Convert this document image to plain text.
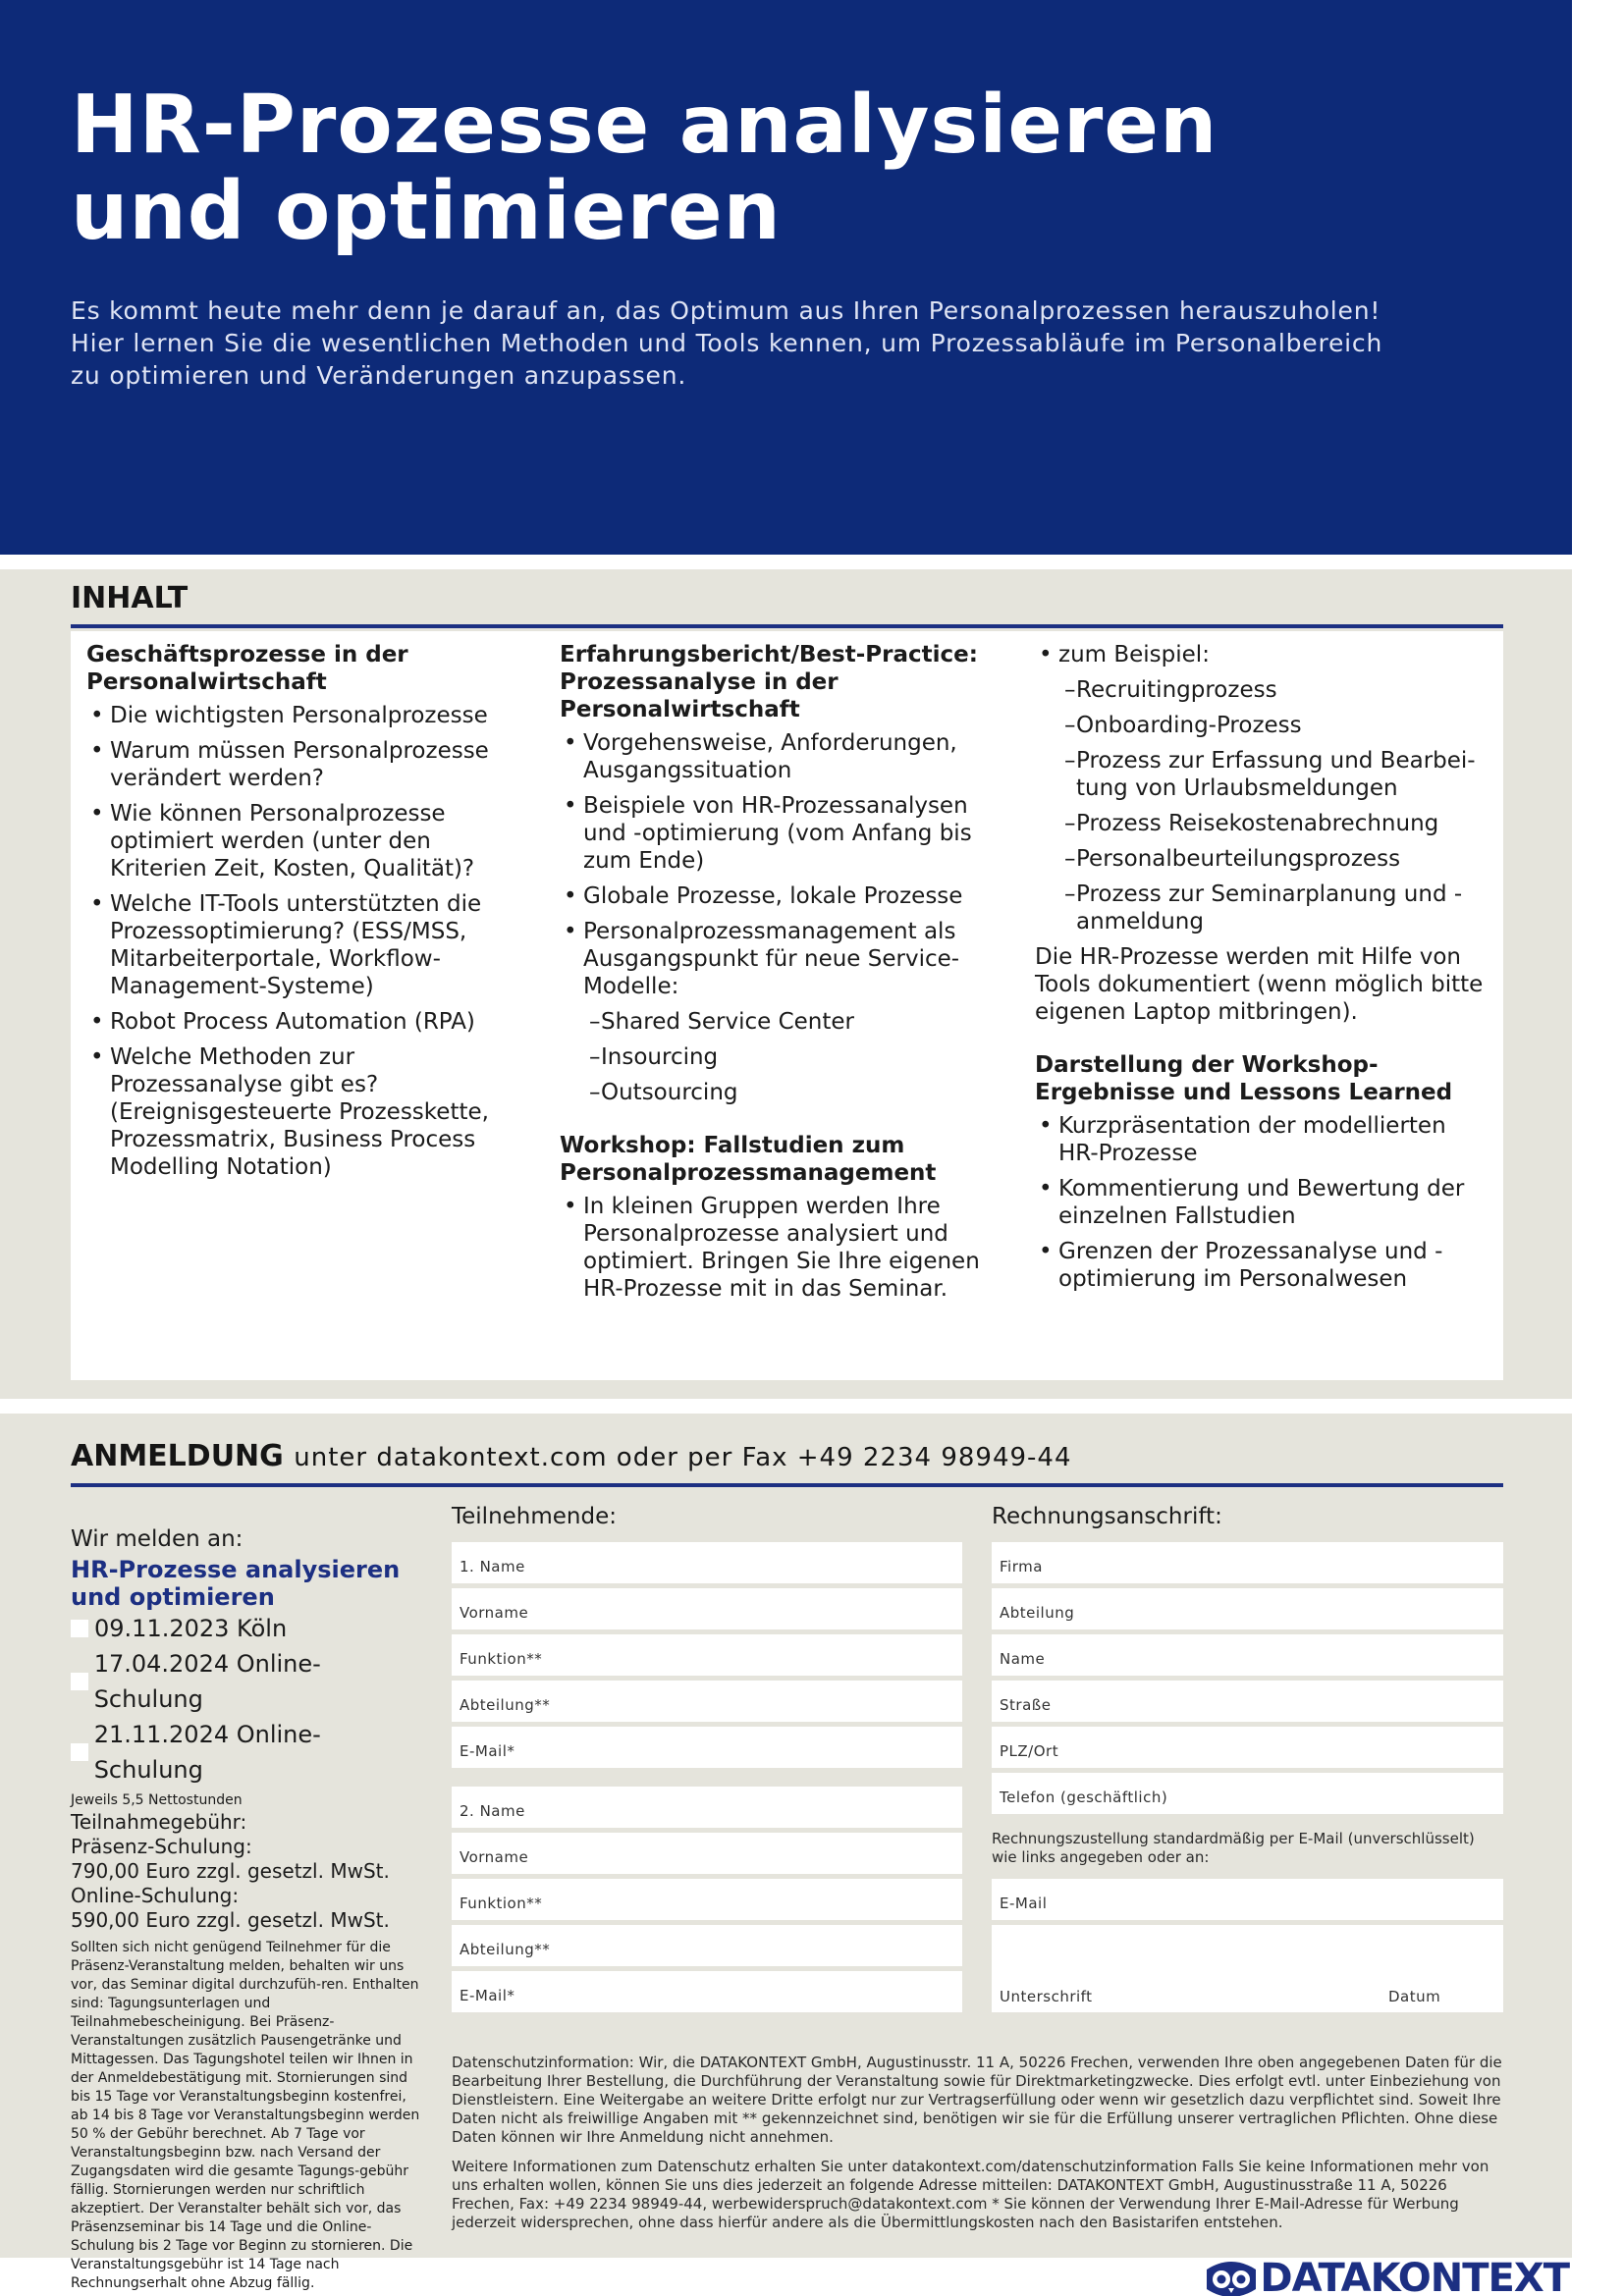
HR-Prozesse analysieren
und optimieren
Es kommt heute mehr denn je darauf an, das Optimum aus Ihren Personalprozessen herauszuholen!
Hier lernen Sie die wesentlichen Methoden und Tools kennen, um Prozessabläufe im Personalbereich
zu optimieren und Veränderungen anzupassen.
INHALT
Geschäftsprozesse in der Personalwirtschaft
• Die wichtigsten Personalprozesse
• Warum müssen Personalprozesse verändert werden?
• Wie können Personalprozesse optimiert werden (unter den Kriterien Zeit, Kosten, Qualität)?
• Welche IT-Tools unterstützten die Prozessoptimierung? (ESS/MSS, Mitarbeiterportale, Workflow-Management-Systeme)
• Robot Process Automation (RPA)
• Welche Methoden zur Prozessanalyse gibt es? (Ereignisgesteuerte Prozesskette, Prozessmatrix, Business Process Modelling Notation)
Erfahrungsbericht/Best-Practice: Prozessanalyse in der Personalwirtschaft
• Vorgehensweise, Anforderungen, Ausgangssituation
• Beispiele von HR-Prozessanalysen und -optimierung (vom Anfang bis zum Ende)
• Globale Prozesse, lokale Prozesse
• Personalprozessmanagement als Ausgangspunkt für neue Service-Modelle:
– Shared Service Center
– Insourcing
– Outsourcing
Workshop: Fallstudien zum Personalprozessmanagement
• In kleinen Gruppen werden Ihre Personalprozesse analysiert und optimiert. Bringen Sie Ihre eigenen HR-Prozesse mit in das Seminar.
• zum Beispiel:
– Recruitingprozess
– Onboarding-Prozess
– Prozess zur Erfassung und Bearbei-tung von Urlaubsmeldungen
– Prozess Reisekostenabrechnung
– Personalbeurteilungsprozess
– Prozess zur Seminarplanung und -anmeldung

Die HR-Prozesse werden mit Hilfe von Tools dokumentiert (wenn möglich bitte eigenen Laptop mitbringen).

Darstellung der Workshop-Ergebnisse und Lessons Learned
• Kurzpräsentation der modellierten HR-Prozesse
• Kommentierung und Bewertung der einzelnen Fallstudien
• Grenzen der Prozessanalyse und -optimierung im Personalwesen
ANMELDUNG unter datakontext.com oder per Fax +49 2234 98949-44
Wir melden an:
HR-Prozesse analysieren und optimieren
09.11.2023 Köln
17.04.2024 Online-Schulung
21.11.2024 Online-Schulung
Jeweils 5,5 Nettostunden
Teilnahmegebühr:
Präsenz-Schulung:
790,00 Euro zzgl. gesetzl. MwSt.
Online-Schulung:
590,00 Euro zzgl. gesetzl. MwSt.
Sollten sich nicht genügend Teilnehmer für die Präsenz-Veranstaltung melden, behalten wir uns vor, das Seminar digital durchzufüh-ren. Enthalten sind: Tagungsunterlagen und Teilnahmebescheinigung. Bei Präsenz-Veranstaltungen zusätzlich Pausengetränke und Mittagessen. Das Tagungshotel teilen wir Ihnen in der Anmeldebestätigung mit. Stornierungen sind bis 15 Tage vor Veranstaltungsbeginn kostenfrei, ab 14 bis 8 Tage vor Veranstaltungsbeginn werden 50 % der Gebühr berechnet. Ab 7 Tage vor Veranstaltungsbeginn bzw. nach Versand der Zugangsdaten wird die gesamte Tagungs-gebühr fällig. Stornierungen werden nur schriftlich akzeptiert. Der Veranstalter behält sich vor, das Präsenzseminar bis 14 Tage und die Online-Schulung bis 2 Tage vor Beginn zu stornieren. Die Veranstaltungsgebühr ist 14 Tage nach Rechnungserhalt ohne Abzug fällig.
Teilnehmende:
1. Name
Vorname
Funktion**
Abteilung**
E-Mail*
2. Name
Vorname
Funktion**
Abteilung**
E-Mail*
Rechnungsanschrift:
Firma
Abteilung
Name
Straße
PLZ/Ort
Telefon (geschäftlich)
Rechnungszustellung standardmäßig per E-Mail (unverschlüsselt) wie links angegeben oder an:
E-Mail
Unterschrift	Datum
Datenschutzinformation: Wir, die DATAKONTEXT GmbH, Augustinusstr. 11 A, 50226 Frechen, verwenden Ihre oben angegebenen Daten für die Bearbeitung Ihrer Bestellung, die Durchführung der Veranstaltung sowie für Direktmarketingzwecke. Dies erfolgt evtl. unter Einbeziehung von Dienstleistern. Eine Weitergabe an weitere Dritte erfolgt nur zur Vertragserfüllung oder wenn wir gesetzlich dazu verpflichtet sind. Soweit Ihre Daten nicht als freiwillige Angaben mit ** gekennzeichnet sind, benötigen wir sie für die Erfüllung unserer vertraglichen Pflichten. Ohne diese Daten können wir Ihre Anmeldung nicht annehmen.
Weitere Informationen zum Datenschutz erhalten Sie unter datakontext.com/datenschutzinformation Falls Sie keine Informationen mehr von uns erhalten wollen, können Sie uns dies jederzeit an folgende Adresse mitteilen: DATAKONTEXT GmbH, Augustinusstraße 11 A, 50226 Frechen, Fax: +49 2234 98949-44, werbewiderspruch@datakontext.com * Sie können der Verwendung Ihrer E-Mail-Adresse für Werbung jederzeit widersprechen, ohne dass hierfür andere als die Übermittlungskosten nach den Basistarifen entstehen.
DATAKONTEXT
